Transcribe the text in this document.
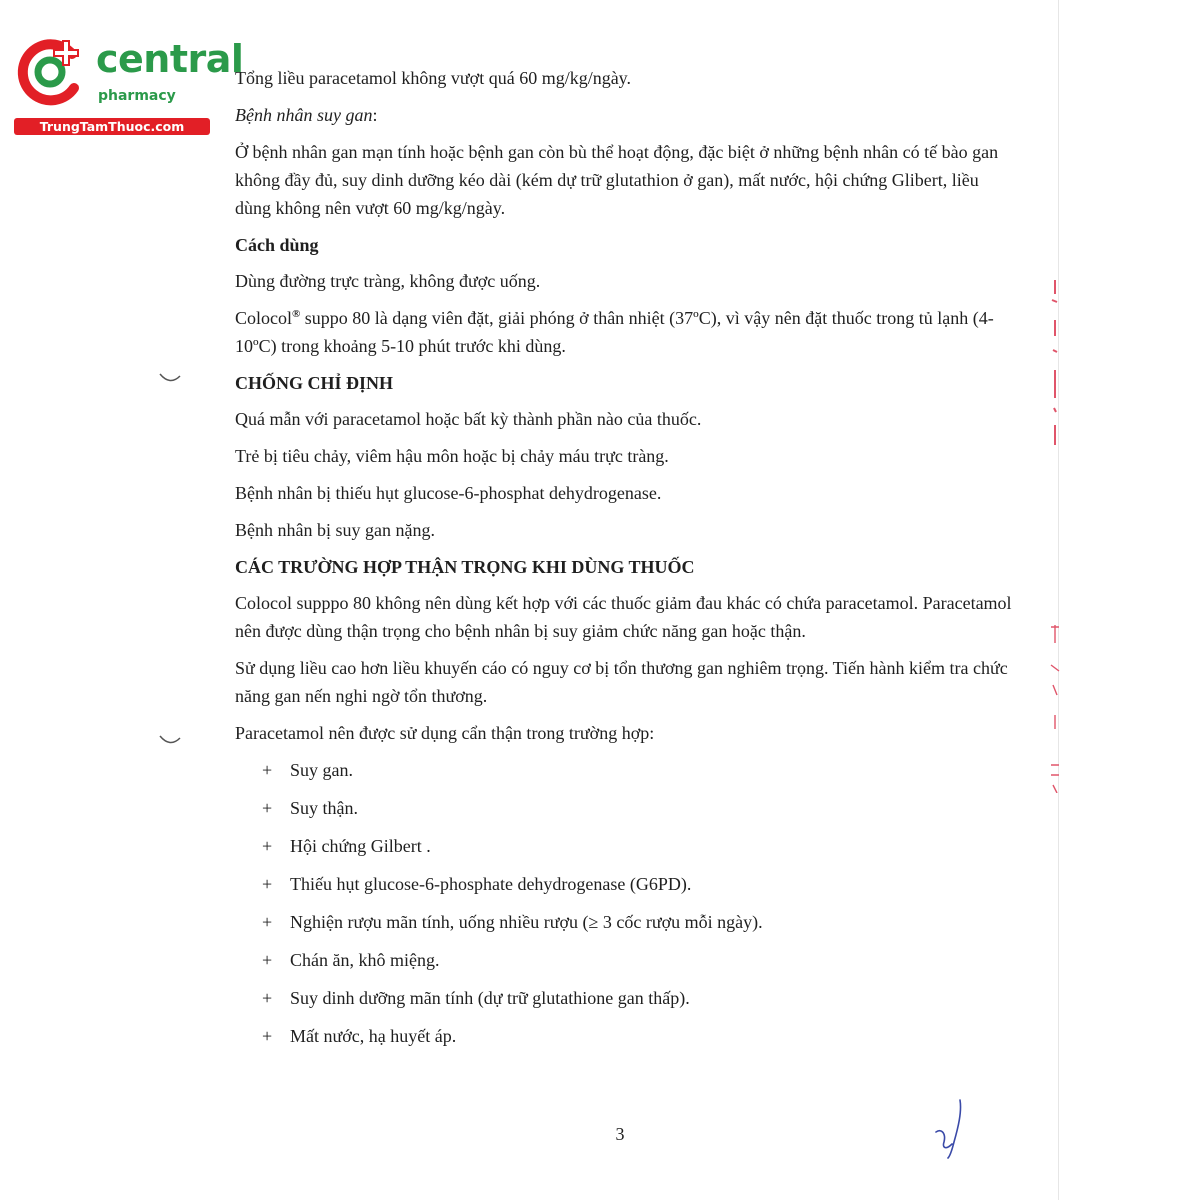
central
pharmacy
TrungTamThuoc.com

Tổng liều paracetamol không vượt quá 60 mg/kg/ngày.

Bệnh nhân suy gan:

Ở bệnh nhân gan mạn tính hoặc bệnh gan còn bù thể hoạt động, đặc biệt ở những bệnh nhân có tế bào gan không đầy đủ, suy dinh dưỡng kéo dài (kém dự trữ glutathion ở gan), mất nước, hội chứng Glibert, liều dùng không nên vượt 60 mg/kg/ngày.

Cách dùng

Dùng đường trực tràng, không được uống.

Colocol® suppo 80 là dạng viên đặt, giải phóng ở thân nhiệt (37ºC), vì vậy nên đặt thuốc trong tủ lạnh (4-10ºC) trong khoảng 5-10 phút trước khi dùng.

CHỐNG CHỈ ĐỊNH

Quá mẫn với paracetamol hoặc bất kỳ thành phần nào của thuốc.

Trẻ bị tiêu chảy, viêm hậu môn hoặc bị chảy máu trực tràng.

Bệnh nhân bị thiếu hụt glucose-6-phosphat dehydrogenase.

Bệnh nhân bị suy gan nặng.

CÁC TRƯỜNG HỢP THẬN TRỌNG KHI DÙNG THUỐC

Colocol supppo 80 không nên dùng kết hợp với các thuốc giảm đau khác có chứa paracetamol. Paracetamol nên được dùng thận trọng cho bệnh nhân bị suy giảm chức năng gan hoặc thận.

Sử dụng liều cao hơn liều khuyến cáo có nguy cơ bị tổn thương gan nghiêm trọng. Tiến hành kiểm tra chức năng gan nến nghi ngờ tổn thương.

Paracetamol nên được sử dụng cẩn thận trong trường hợp:

+ Suy gan.
+ Suy thận.
+ Hội chứng Gilbert .
+ Thiếu hụt glucose-6-phosphate dehydrogenase (G6PD).
+ Nghiện rượu mãn tính, uống nhiều rượu (≥ 3 cốc rượu mỗi ngày).
+ Chán ăn, khô miệng.
+ Suy dinh dưỡng mãn tính (dự trữ glutathione gan thấp).
+ Mất nước, hạ huyết áp.
3
